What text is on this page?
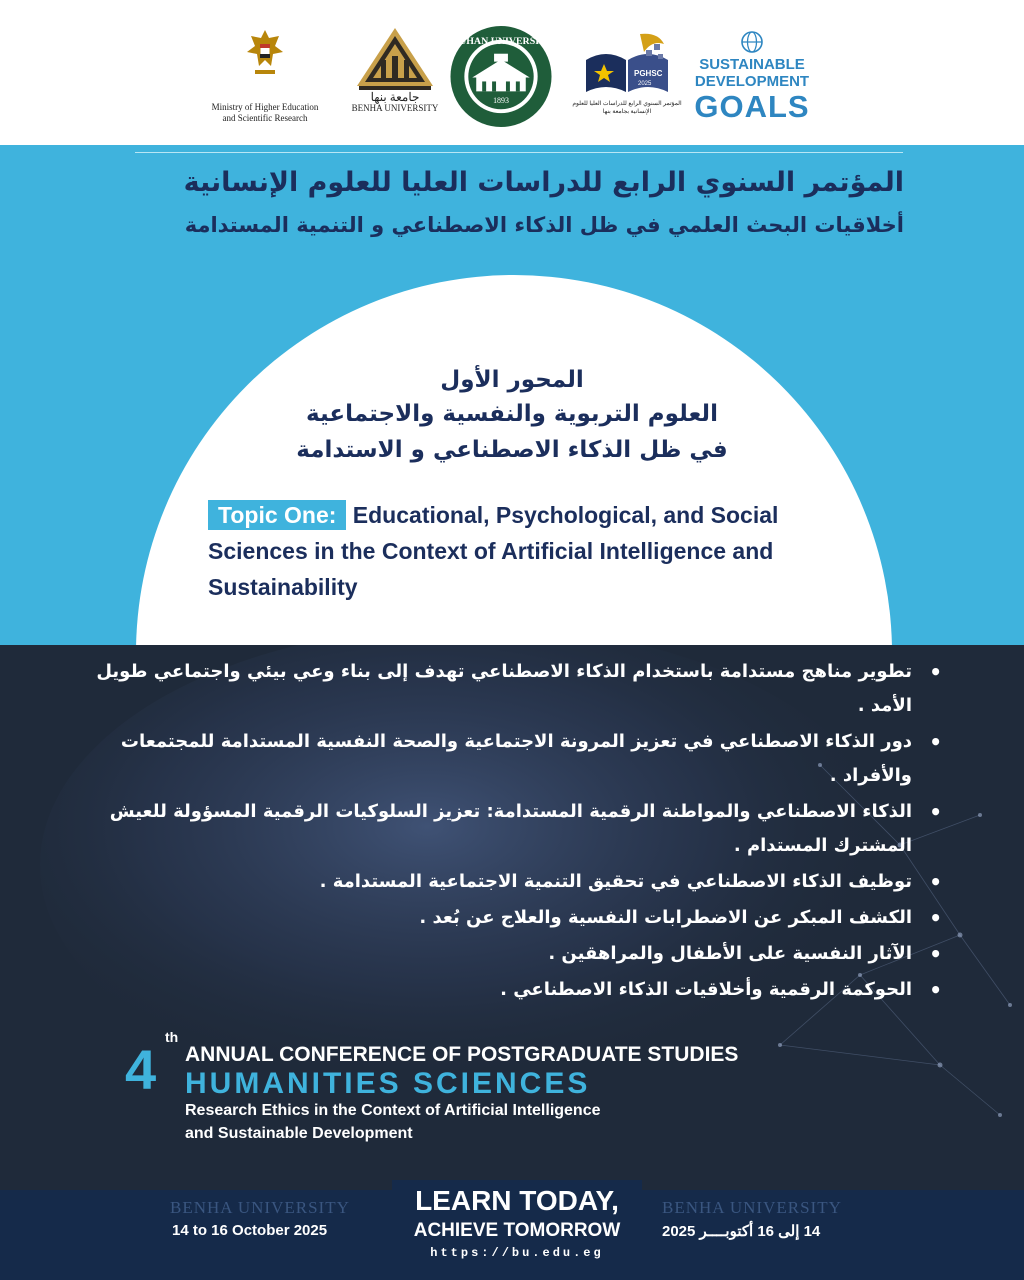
Ministry of Higher Education and Scientific Research
جامعة بنها
BENHA UNIVERSITY
WUHAN UNIVERSITY
1893
PGHSC
2025
المؤتمر السنوي الرابع للدراسات العليا للعلوم الإنسانية بجامعة بنها
SUSTAINABLE
DEVELOPMENT
GOALS
المؤتمر السنوي الرابع للدراسات العليا للعلوم الإنسانية
أخلاقيات البحث العلمي في ظل الذكاء الاصطناعي و التنمية المستدامة
المحور الأول
العلوم التربوية والنفسية والاجتماعية
في ظل الذكاء الاصطناعي و الاستدامة
Topic One: Educational, Psychological, and Social Sciences in the Context of Artificial Intelligence and Sustainability
• تطوير مناهج مستدامة باستخدام الذكاء الاصطناعي تهدف إلى بناء وعي بيئي واجتماعي طويل الأمد .
• دور الذكاء الاصطناعي في تعزيز المرونة الاجتماعية والصحة النفسية المستدامة للمجتمعات والأفراد .
• الذكاء الاصطناعي والمواطنة الرقمية المستدامة: تعزيز السلوكيات الرقمية المسؤولة للعيش المشترك المستدام .
• توظيف الذكاء الاصطناعي في تحقيق التنمية الاجتماعية المستدامة .
• الكشف المبكر عن الاضطرابات النفسية والعلاج عن بُعد .
• الآثار النفسية على الأطفال والمراهقين .
• الحوكمة الرقمية وأخلاقيات الذكاء الاصطناعي .
4
th
ANNUAL CONFERENCE OF POSTGRADUATE STUDIES
HUMANITIES SCIENCES
Research Ethics in the Context of Artificial Intelligence
and Sustainable Development
BENHA UNIVERSITY	BENHA UNIVERSITY
14 to 16 October 2025	14 إلى 16 أكتوبــــر 2025
LEARN TODAY,
ACHIEVE TOMORROW
https://bu.edu.eg
